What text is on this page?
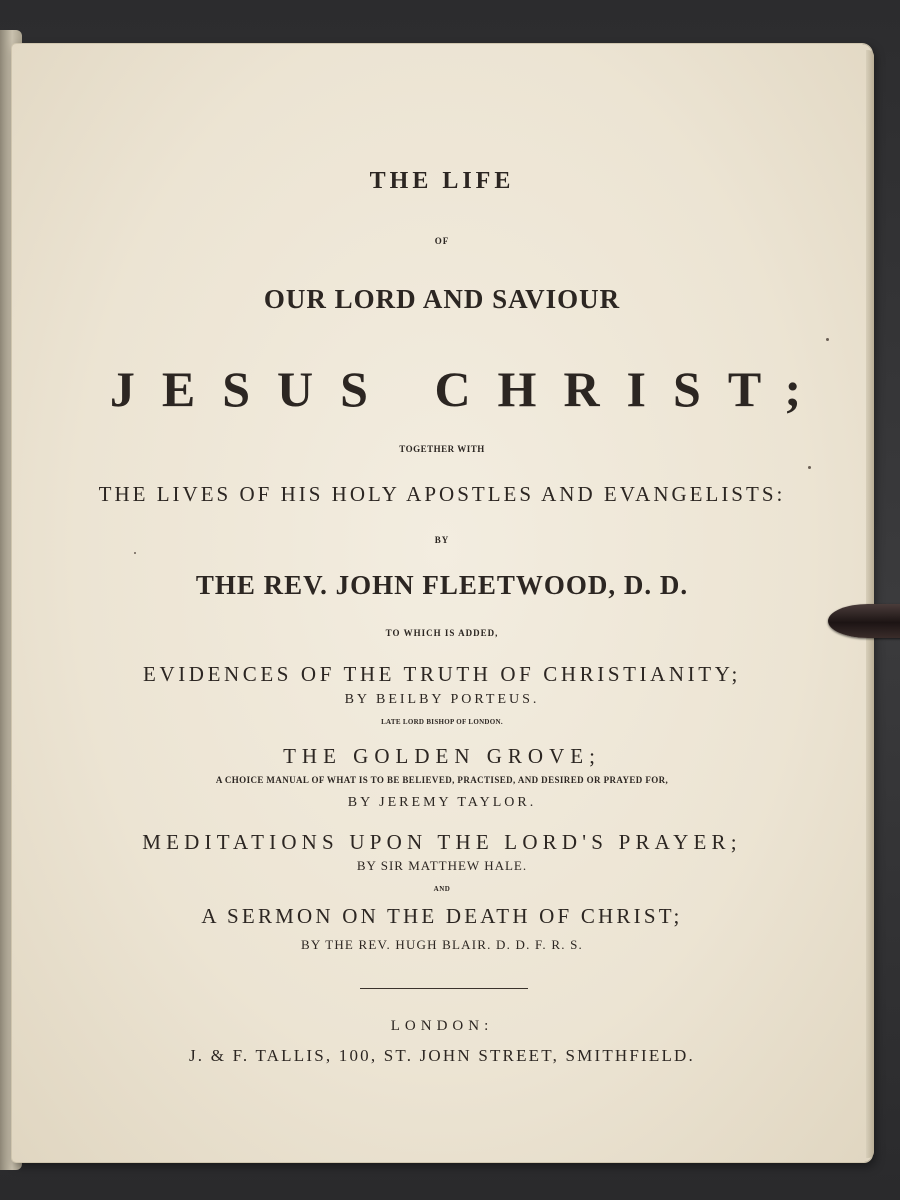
THE LIFE

OF

OUR LORD AND SAVIOUR

JESUS CHRIST;

TOGETHER WITH

THE LIVES OF HIS HOLY APOSTLES AND EVANGELISTS:

BY

THE REV. JOHN FLEETWOOD, D. D.

TO WHICH IS ADDED,

EVIDENCES OF THE TRUTH OF CHRISTIANITY;

BY BEILBY PORTEUS.

LATE LORD BISHOP OF LONDON.

THE GOLDEN GROVE;

A CHOICE MANUAL OF WHAT IS TO BE BELIEVED, PRACTISED, AND DESIRED OR PRAYED FOR,

BY JEREMY TAYLOR.

MEDITATIONS UPON THE LORD'S PRAYER;

BY SIR MATTHEW HALE.

AND

A SERMON ON THE DEATH OF CHRIST;

BY THE REV. HUGH BLAIR. D. D. F. R. S.

LONDON:

J. & F. TALLIS, 100, ST. JOHN STREET, SMITHFIELD.
